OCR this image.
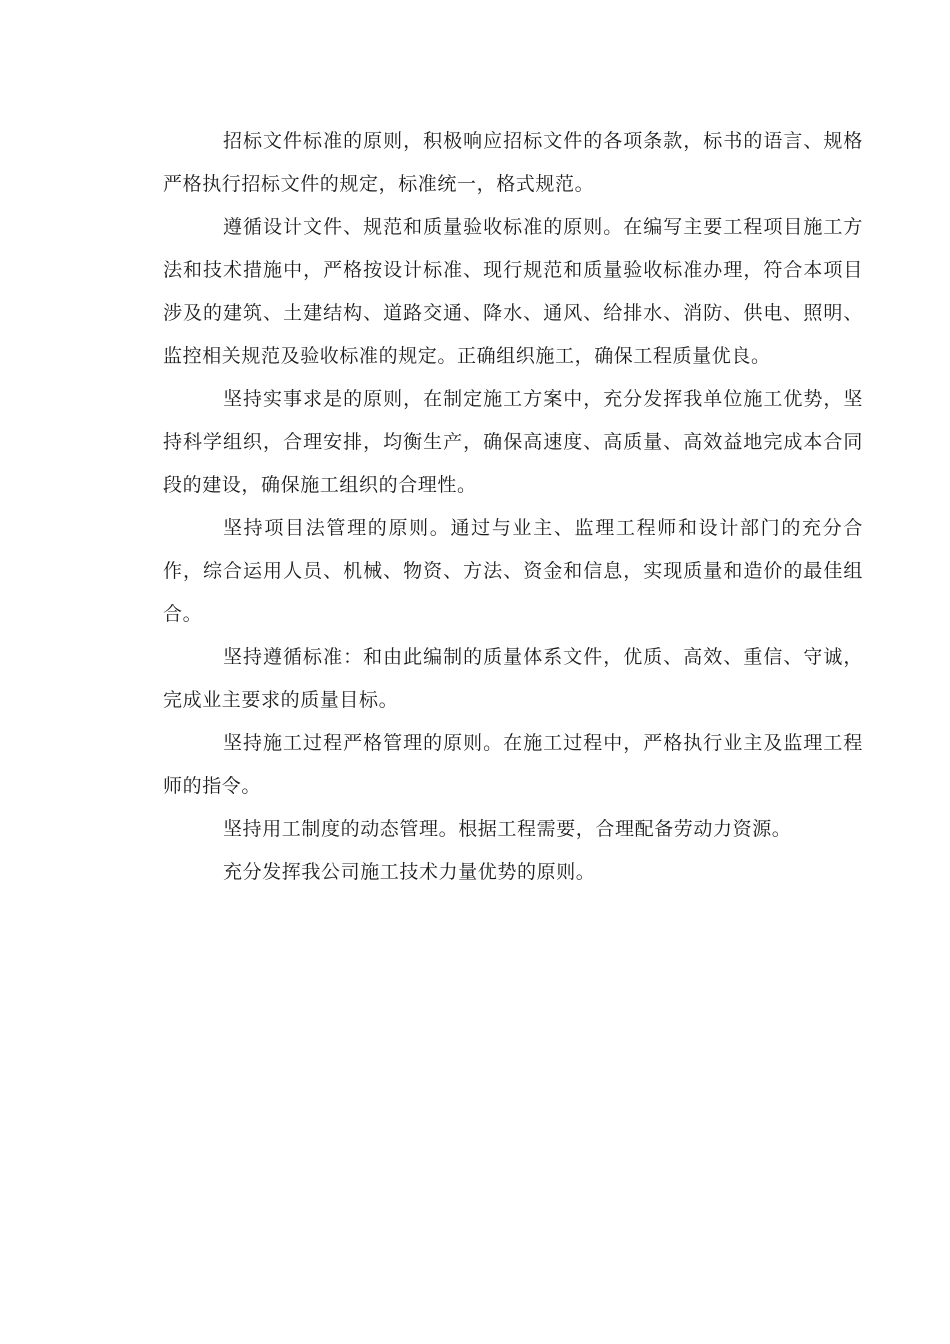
招标文件标准的原则，积极响应招标文件的各项条款，标书的语言、规格严格执行招标文件的规定，标准统一，格式规范。

遵循设计文件、规范和质量验收标准的原则。在编写主要工程项目施工方法和技术措施中，严格按设计标准、现行规范和质量验收标准办理，符合本项目涉及的建筑、土建结构、道路交通、降水、通风、给排水、消防、供电、照明、监控相关规范及验收标准的规定。正确组织施工，确保工程质量优良。

坚持实事求是的原则，在制定施工方案中，充分发挥我单位施工优势，坚持科学组织，合理安排，均衡生产，确保高速度、高质量、高效益地完成本合同段的建设，确保施工组织的合理性。

坚持项目法管理的原则。通过与业主、监理工程师和设计部门的充分合作，综合运用人员、机械、物资、方法、资金和信息，实现质量和造价的最佳组合。

坚持遵循标准：和由此编制的质量体系文件，优质、高效、重信、守诚，完成业主要求的质量目标。

坚持施工过程严格管理的原则。在施工过程中，严格执行业主及监理工程师的指令。

坚持用工制度的动态管理。根据工程需要，合理配备劳动力资源。

充分发挥我公司施工技术力量优势的原则。
